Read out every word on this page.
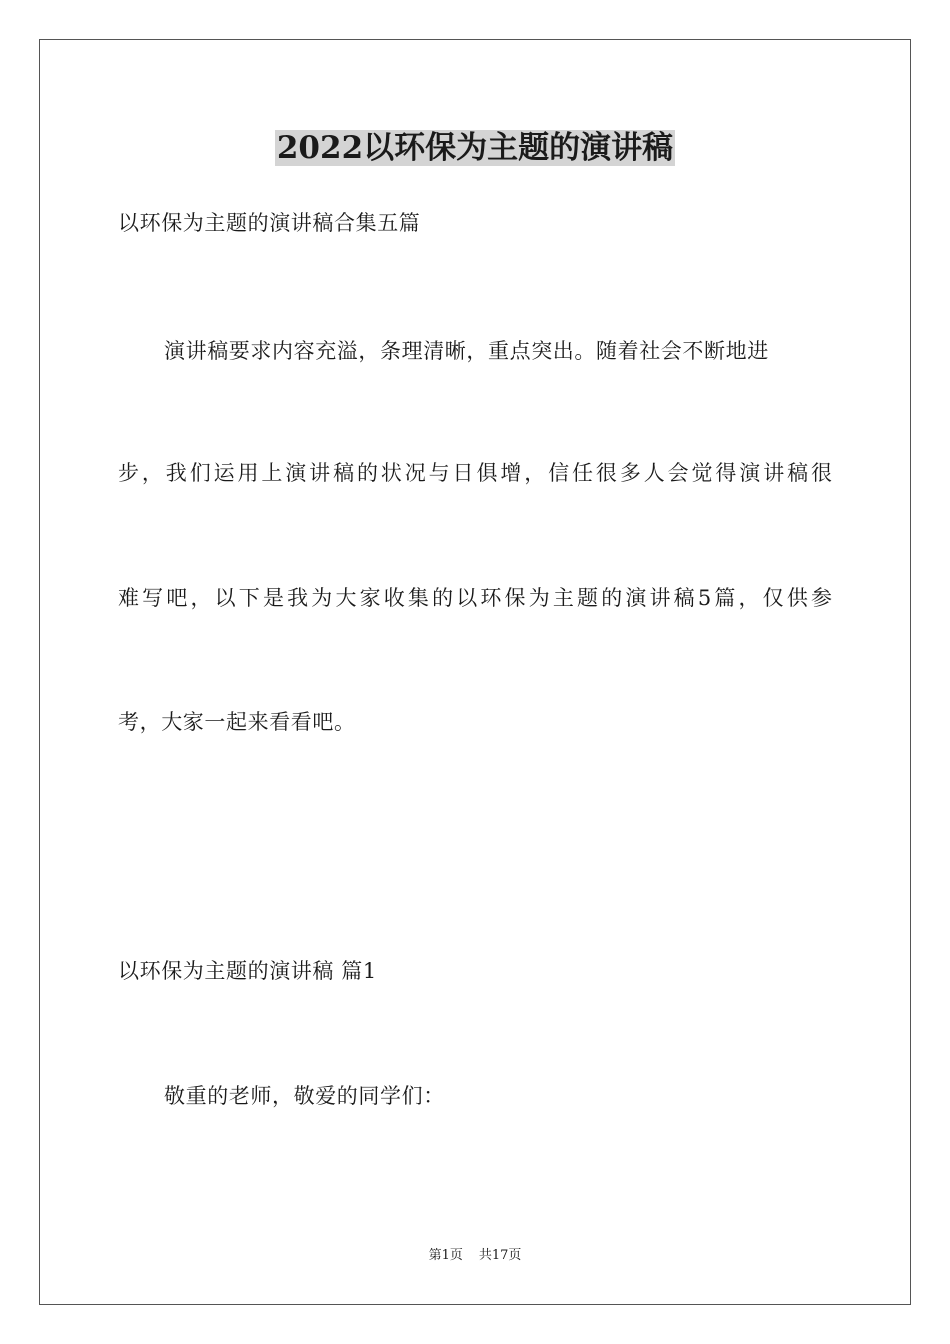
2022以环保为主题的演讲稿

以环保为主题的演讲稿合集五篇

演讲稿要求内容充溢，条理清晰，重点突出。随着社会不断地进

步，我们运用上演讲稿的状况与日俱增，信任很多人会觉得演讲稿很

难写吧，以下是我为大家收集的以环保为主题的演讲稿5篇，仅供参

考，大家一起来看看吧。

以环保为主题的演讲稿 篇1

敬重的老师，敬爱的同学们：

第1页 共17页
